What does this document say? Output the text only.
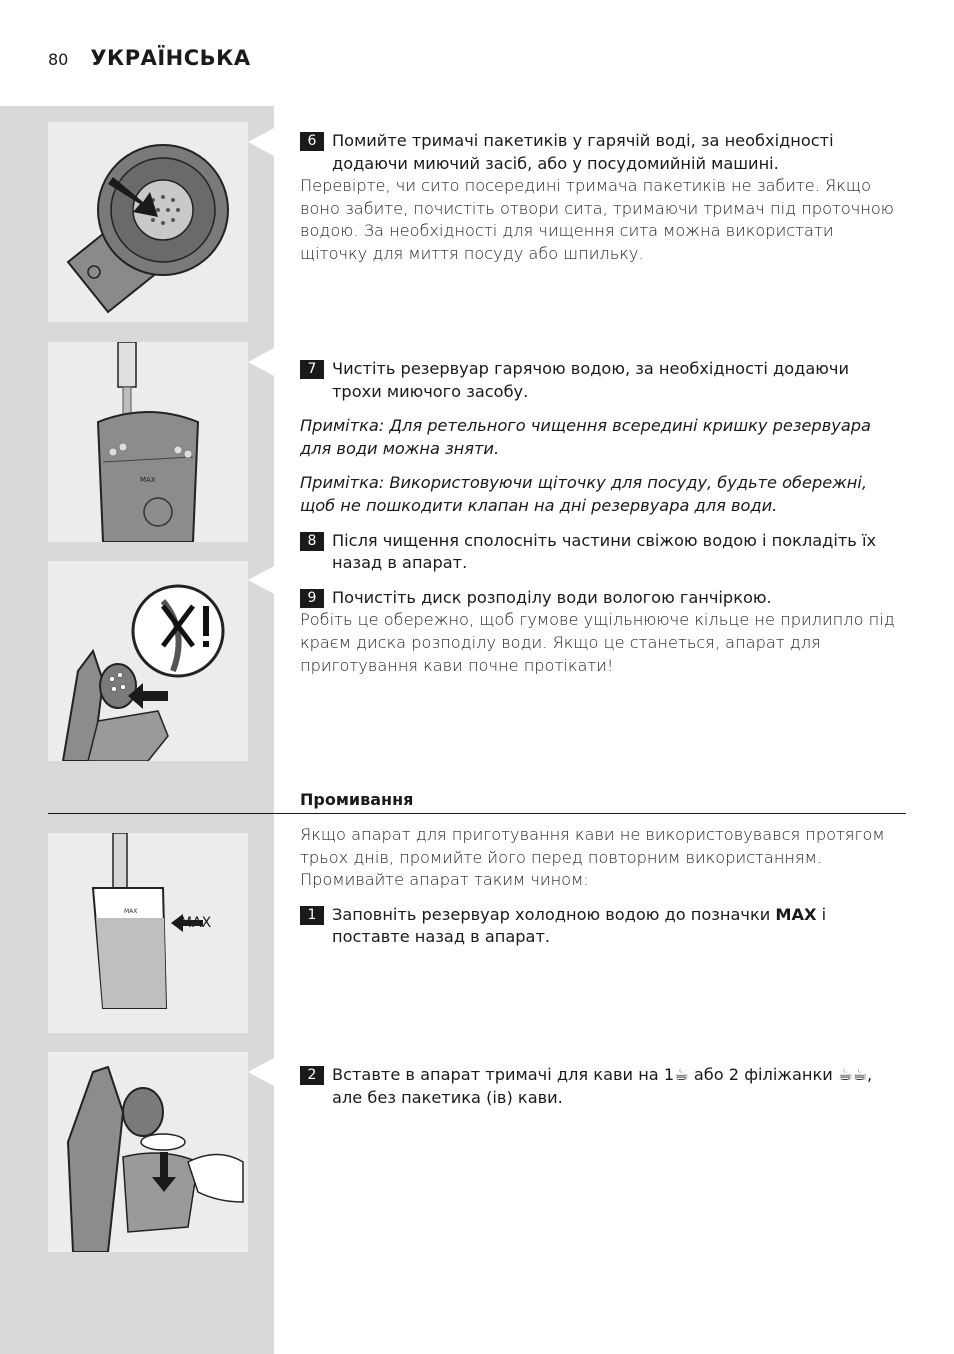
80 УКРАЇНСЬКА
MAX
MAX
MAX
6 Помийте тримачі пакетиків у гарячій воді, за необхідності додаючи миючий засіб, або у посудомийній машині.

Перевірте, чи сито посередині тримача пакетиків не забите. Якщо воно забите, почистіть отвори сита, тримаючи тримач під проточною водою. За необхідності для чищення сита можна використати щіточку для миття посуду або шпильку.

7 Чистіть резервуар гарячою водою, за необхідності додаючи трохи миючого засобу.

Примітка: Для ретельного чищення всередині кришку резервуара для води можна зняти.

Примітка: Використовуючи щіточку для посуду, будьте обережні, щоб не пошкодити клапан на дні резервуара для води.

8 Після чищення сполосніть частини свіжою водою і покладіть їх назад в апарат.
9 Почистіть диск розподілу води вологою ганчіркою.

Робіть це обережно, щоб гумове ущільнююче кільце не прилипло під краєм диска розподілу води. Якщо це станеться, апарат для приготування кави почне протікати!

Промивання

Якщо апарат для приготування кави не використовувався протягом трьох днів, промийте його перед повторним використанням. Промивайте апарат таким чином:

1 Заповніть резервуар холодною водою до позначки MAX і поставте назад в апарат.
2 Вставте в апарат тримачі для кави на 1☕ або 2 філіжанки ☕☕, але без пакетика (ів) кави.
